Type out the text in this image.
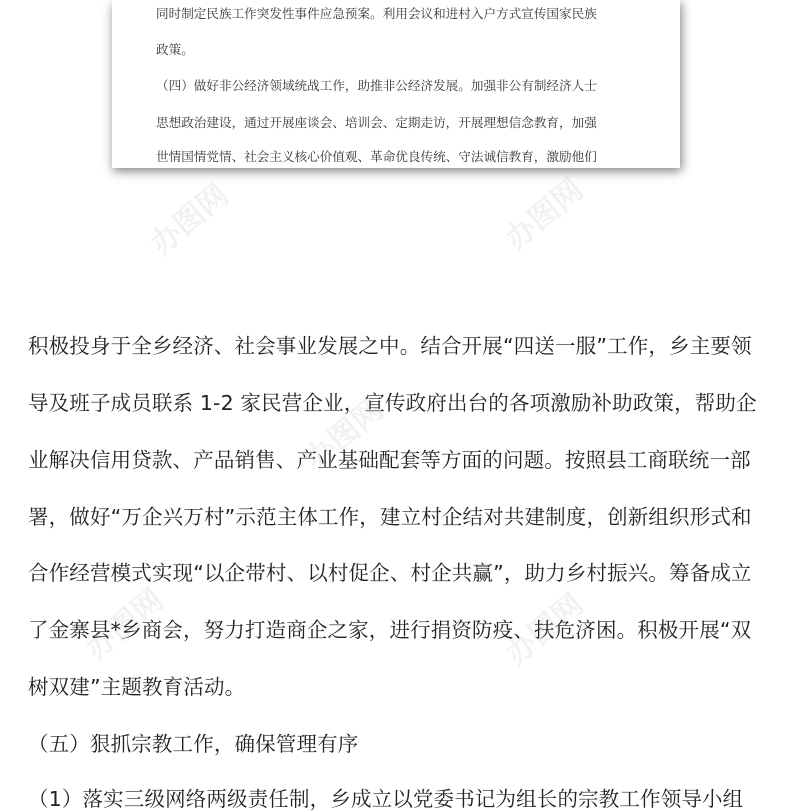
同时制定民族工作突发性事件应急预案。利用会议和进村入户方式宣传国家民族
政策。
（四）做好非公经济领域统战工作，助推非公经济发展。加强非公有制经济人士
思想政治建设，通过开展座谈会、培训会、定期走访，开展理想信念教育，加强
世情国情党情、社会主义核心价值观、革命优良传统、守法诚信教育，激励他们
办图网	办图网
办图网
办图网	办图网
积极投身于全乡经济、社会事业发展之中。结合开展“四送一服”工作，乡主要领
导及班子成员联系 1-2 家民营企业，宣传政府出台的各项激励补助政策，帮助企
业解决信用贷款、产品销售、产业基础配套等方面的问题。按照县工商联统一部
署，做好“万企兴万村”示范主体工作，建立村企结对共建制度，创新组织形式和
合作经营模式实现“以企带村、以村促企、村企共赢”，助力乡村振兴。筹备成立
了金寨县*乡商会，努力打造商企之家，进行捐资防疫、扶危济困。积极开展“双
树双建”主题教育活动。
（五）狠抓宗教工作，确保管理有序
（1）落实三级网络两级责任制，乡成立以党委书记为组长的宗教工作领导小组
